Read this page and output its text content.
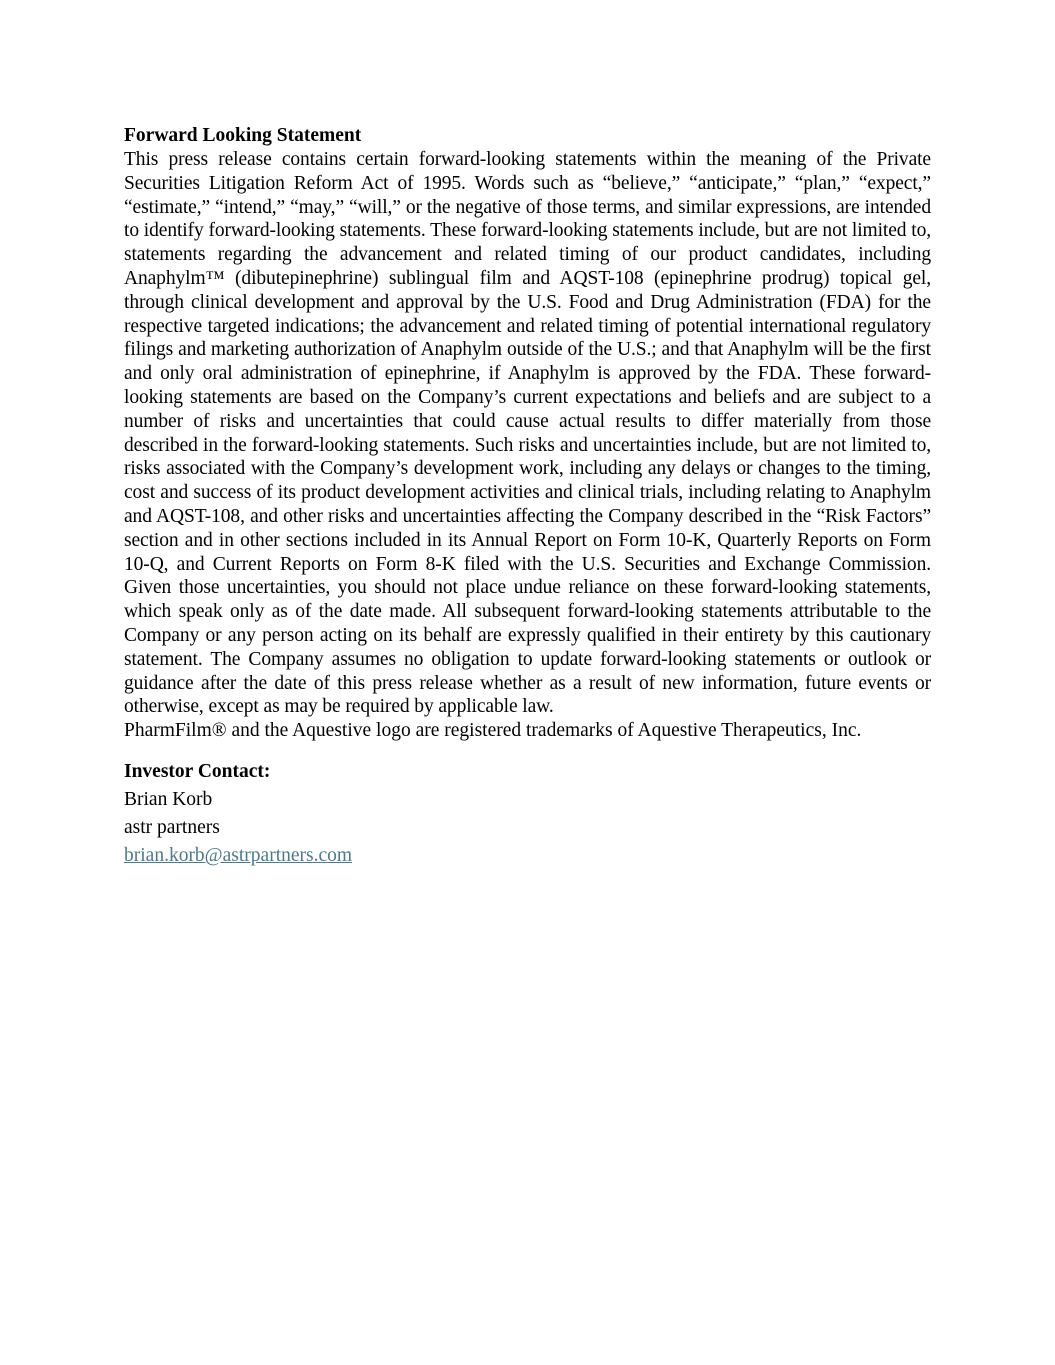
Forward Looking Statement

This press release contains certain forward-looking statements within the meaning of the Private Securities Litigation Reform Act of 1995. Words such as “believe,” “anticipate,” “plan,” “expect,” “estimate,” “intend,” “may,” “will,” or the negative of those terms, and similar expressions, are intended to identify forward-looking statements. These forward-looking statements include, but are not limited to, statements regarding the advancement and related timing of our product candidates, including Anaphylm™ (dibutepinephrine) sublingual film and AQST-108 (epinephrine prodrug) topical gel, through clinical development and approval by the U.S. Food and Drug Administration (FDA) for the respective targeted indications; the advancement and related timing of potential international regulatory filings and marketing authorization of Anaphylm outside of the U.S.; and that Anaphylm will be the first and only oral administration of epinephrine, if Anaphylm is approved by the FDA. These forward-looking statements are based on the Company’s current expectations and beliefs and are subject to a number of risks and uncertainties that could cause actual results to differ materially from those described in the forward-looking statements. Such risks and uncertainties include, but are not limited to, risks associated with the Company’s development work, including any delays or changes to the timing, cost and success of its product development activities and clinical trials, including relating to Anaphylm and AQST-108, and other risks and uncertainties affecting the Company described in the “Risk Factors” section and in other sections included in its Annual Report on Form 10-K, Quarterly Reports on Form 10-Q, and Current Reports on Form 8-K filed with the U.S. Securities and Exchange Commission. Given those uncertainties, you should not place undue reliance on these forward-looking statements, which speak only as of the date made. All subsequent forward-looking statements attributable to the Company or any person acting on its behalf are expressly qualified in their entirety by this cautionary statement. The Company assumes no obligation to update forward-looking statements or outlook or guidance after the date of this press release whether as a result of new information, future events or otherwise, except as may be required by applicable law.

PharmFilm® and the Aquestive logo are registered trademarks of Aquestive Therapeutics, Inc.

Investor Contact:

Brian Korb

astr partners

brian.korb@astrpartners.com
